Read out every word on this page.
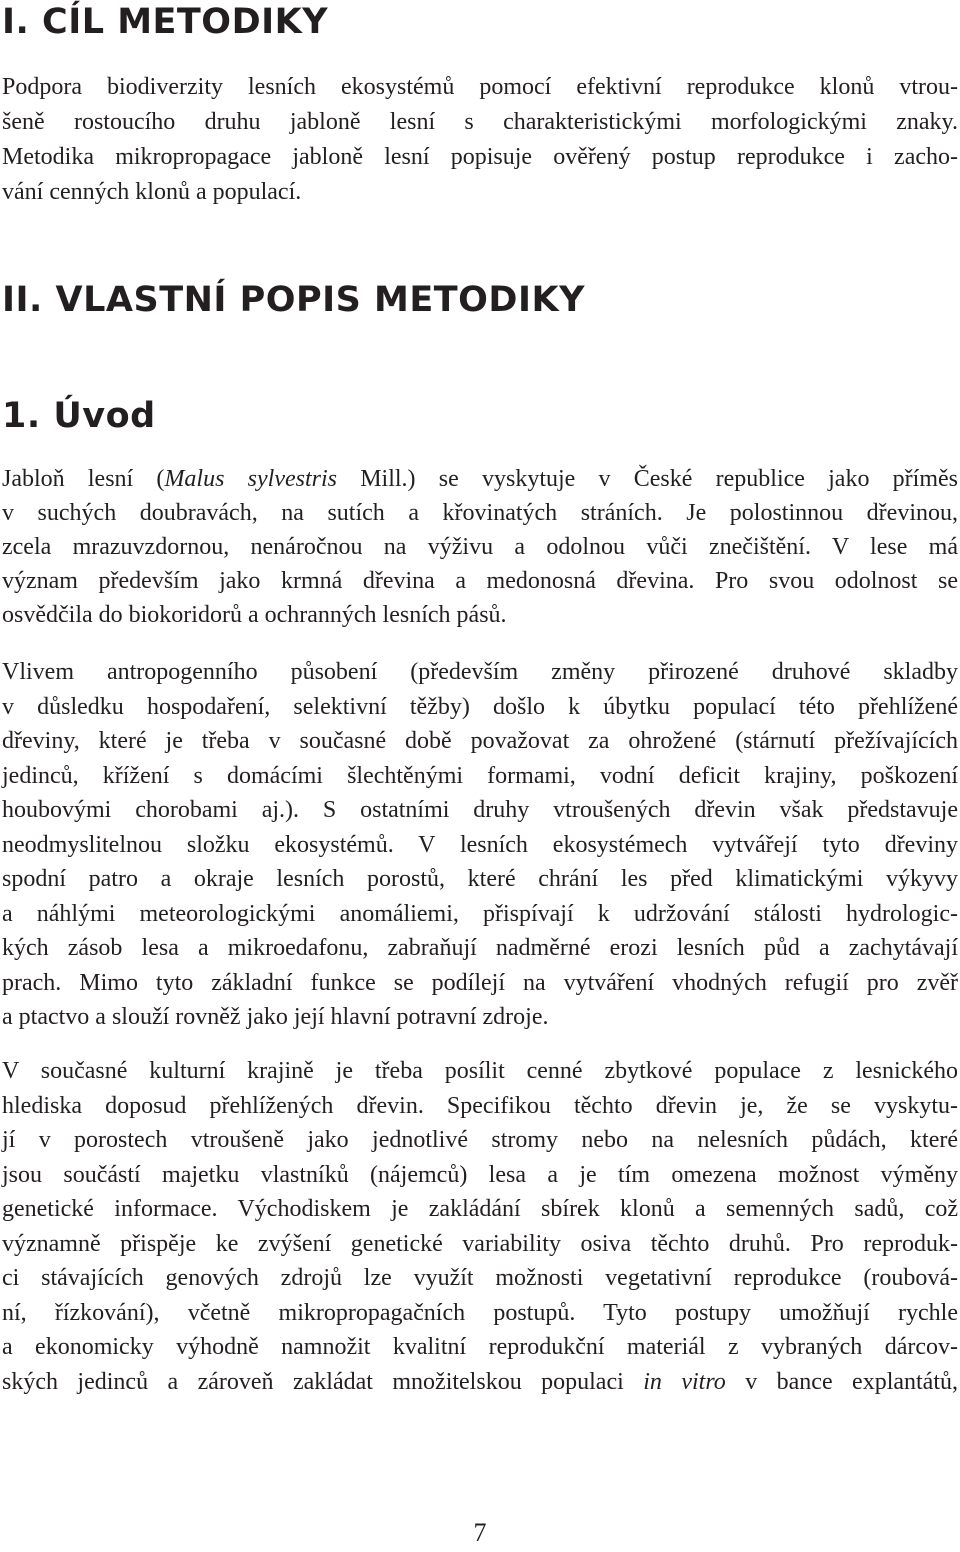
I. CÍL METODIKY
Podpora biodiverzity lesních ekosystémů pomocí efektivní reprodukce klonů vtrou-
šeně rostoucího druhu jabloně lesní s charakteristickými morfologickými znaky.
Metodika mikropropagace jabloně lesní popisuje ověřený postup reprodukce i zacho-
vání cenných klonů a populací.
II. VLASTNÍ POPIS METODIKY
1. Úvod
Jabloň lesní (Malus sylvestris Mill.) se vyskytuje v České republice jako příměs
v suchých doubravách, na sutích a křovinatých stráních. Je polostinnou dřevinou,
zcela mrazuvzdornou, nenáročnou na výživu a odolnou vůči znečištění. V lese má
význam především jako krmná dřevina a medonosná dřevina. Pro svou odolnost se
osvědčila do biokoridorů a ochranných lesních pásů.
Vlivem antropogenního působení (především změny přirozené druhové skladby
v důsledku hospodaření, selektivní těžby) došlo k úbytku populací této přehlížené
dřeviny, které je třeba v současné době považovat za ohrožené (stárnutí přežívajících
jedinců, křížení s domácími šlechtěnými formami, vodní deficit krajiny, poškození
houbovými chorobami aj.). S ostatními druhy vtroušených dřevin však představuje
neodmyslitelnou složku ekosystémů. V lesních ekosystémech vytvářejí tyto dřeviny
spodní patro a okraje lesních porostů, které chrání les před klimatickými výkyvy
a náhlými meteorologickými anomáliemi, přispívají k udržování stálosti hydrologic-
kých zásob lesa a mikroedafonu, zabraňují nadměrné erozi lesních půd a zachytávají
prach. Mimo tyto základní funkce se podílejí na vytváření vhodných refugií pro zvěř
a ptactvo a slouží rovněž jako její hlavní potravní zdroje.
V současné kulturní krajině je třeba posílit cenné zbytkové populace z lesnického
hlediska doposud přehlížených dřevin. Specifikou těchto dřevin je, že se vyskytu-
jí v porostech vtroušeně jako jednotlivé stromy nebo na nelesních půdách, které
jsou součástí majetku vlastníků (nájemců) lesa a je tím omezena možnost výměny
genetické informace. Východiskem je zakládání sbírek klonů a semenných sadů, což
významně přispěje ke zvýšení genetické variability osiva těchto druhů. Pro reproduk-
ci stávajících genových zdrojů lze využít možnosti vegetativní reprodukce (roubová-
ní, řízkování), včetně mikropropagačních postupů. Tyto postupy umožňují rychle
a ekonomicky výhodně namnožit kvalitní reprodukční materiál z vybraných dárcov-
ských jedinců a zároveň zakládat množitelskou populaci in vitro v bance explantátů,
7
